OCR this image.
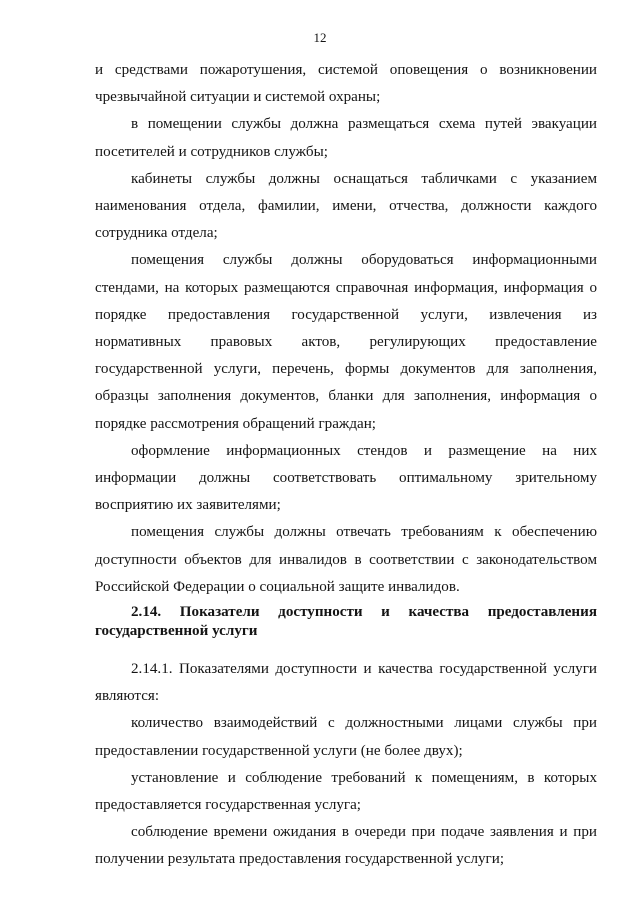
12

и средствами пожаротушения, системой оповещения о возникновении чрезвычайной ситуации и системой охраны;

в помещении службы должна размещаться схема путей эвакуации посетителей и сотрудников службы;

кабинеты службы должны оснащаться табличками с указанием наименования отдела, фамилии, имени, отчества, должности каждого сотрудника отдела;

помещения службы должны оборудоваться информационными стендами, на которых размещаются справочная информация, информация о порядке предоставления государственной услуги, извлечения из нормативных правовых актов, регулирующих предоставление государственной услуги, перечень, формы документов для заполнения, образцы заполнения документов, бланки для заполнения, информация о порядке рассмотрения обращений граждан;

оформление информационных стендов и размещение на них информации должны соответствовать оптимальному зрительному восприятию их заявителями;

помещения службы должны отвечать требованиям к обеспечению доступности объектов для инвалидов в соответствии с законодательством Российской Федерации о социальной защите инвалидов.

2.14. Показатели доступности и качества предоставления государственной услуги

2.14.1. Показателями доступности и качества государственной услуги являются:

количество взаимодействий с должностными лицами службы при предоставлении государственной услуги (не более двух);

установление и соблюдение требований к помещениям, в которых предоставляется государственная услуга;

соблюдение времени ожидания в очереди при подаче заявления и при получении результата предоставления государственной услуги;
